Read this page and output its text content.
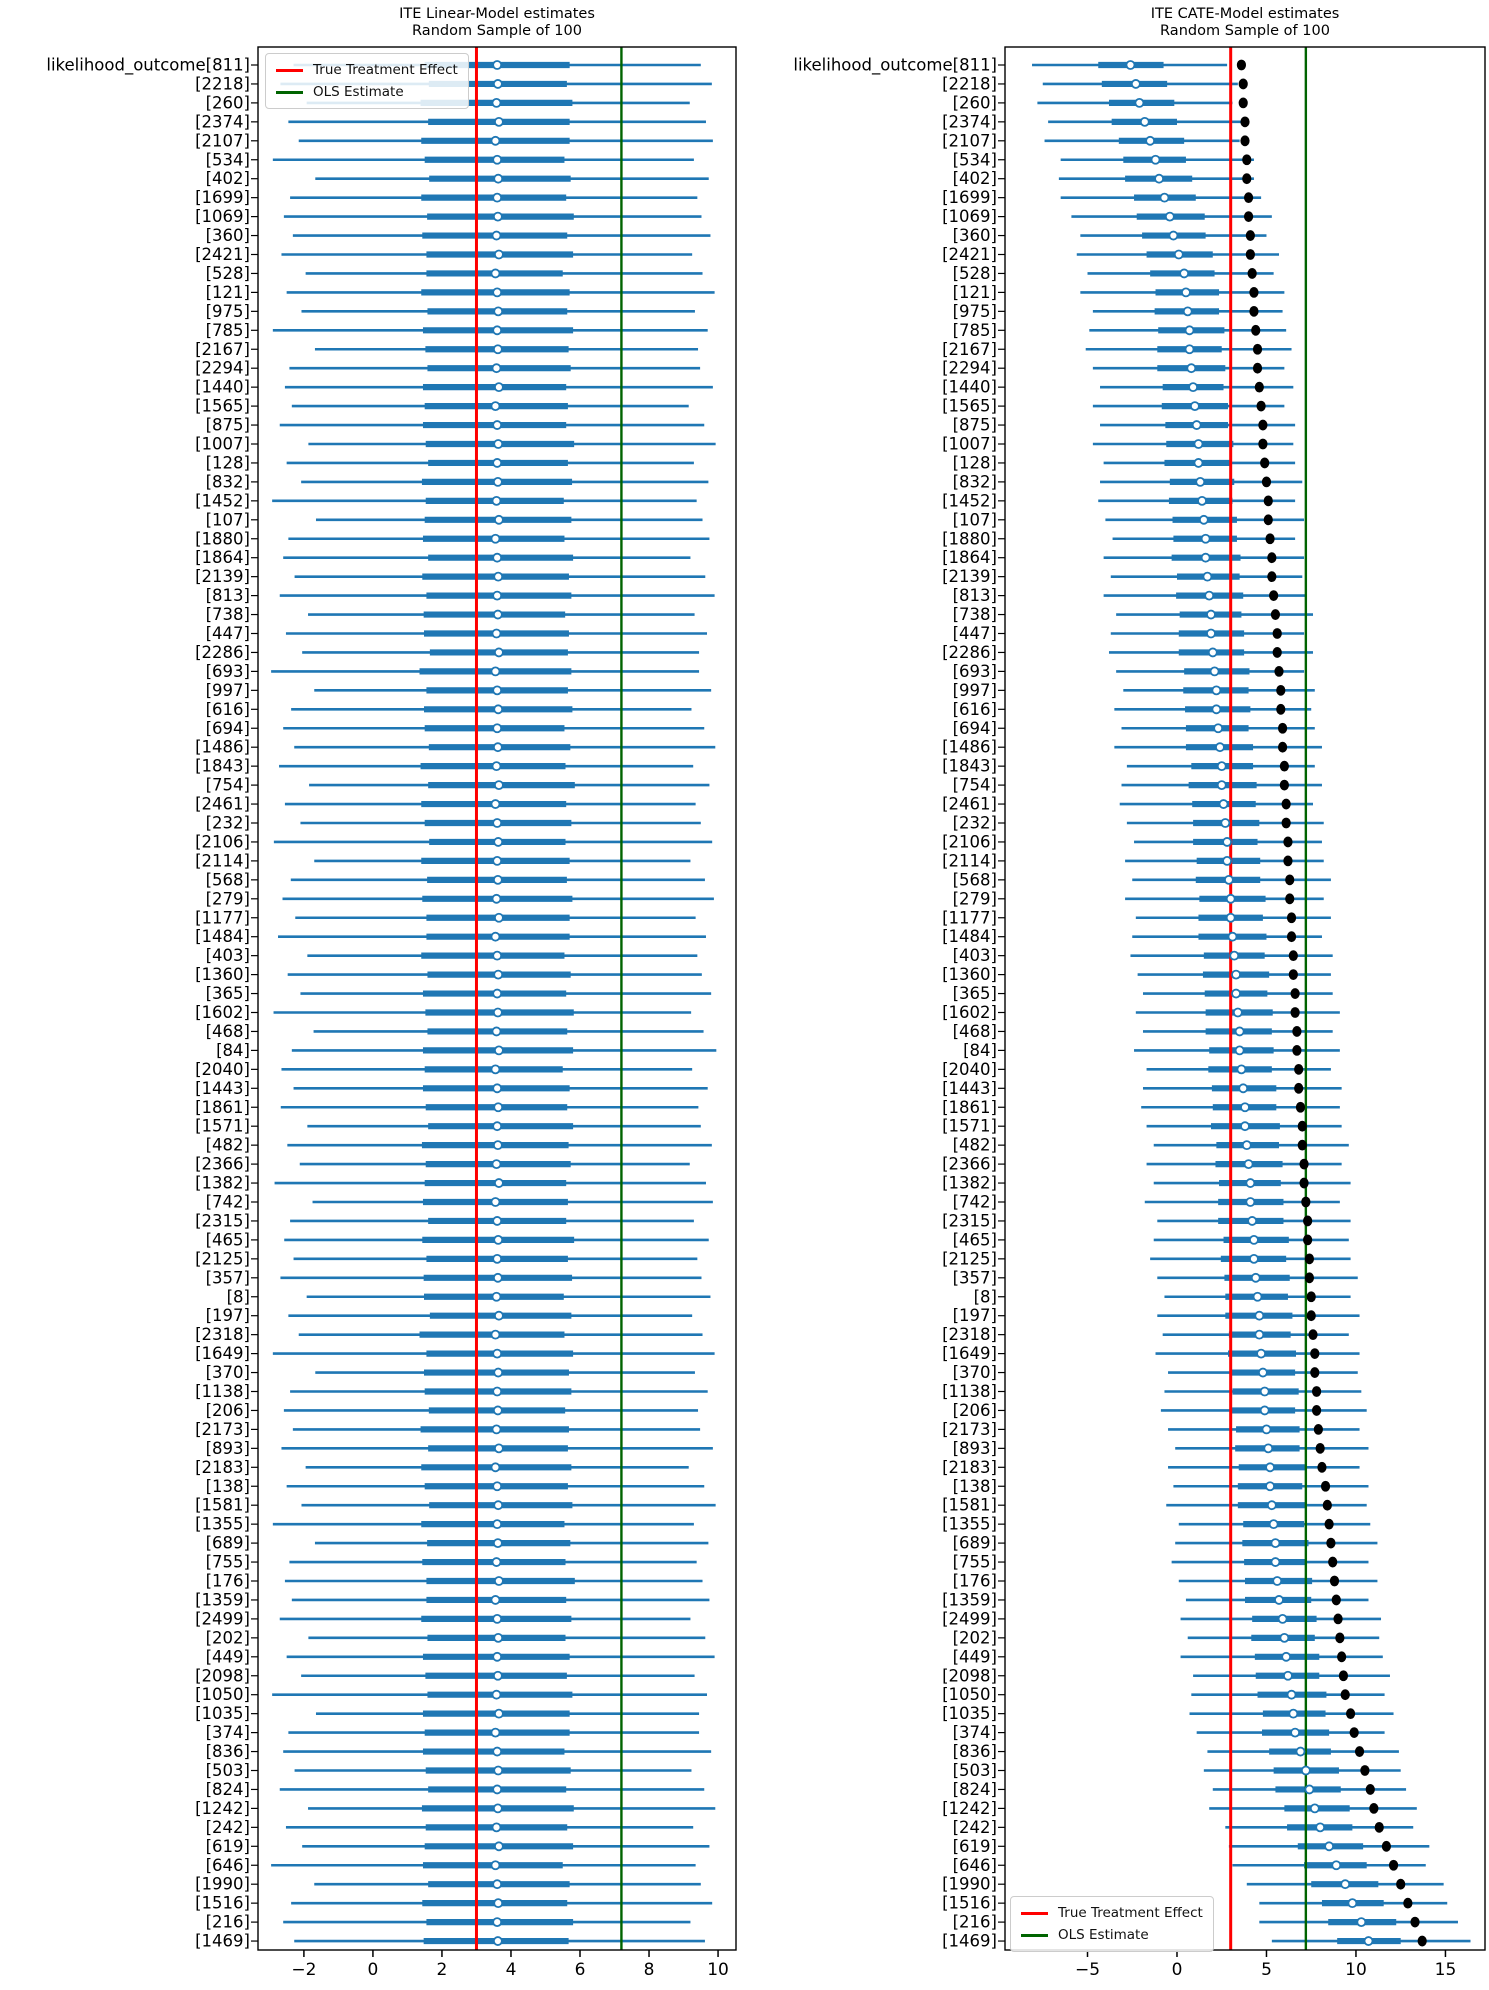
ITE Linear-Model estimates
Random Sample of 100
ITE CATE-Model estimates
Random Sample of 100
likelihood_outcome[811]
[2218]
[260]
[2374]
[2107]
[534]
[402]
[1699]
[1069]
[360]
[2421]
[528]
[121]
[975]
[785]
[2167]
[2294]
[1440]
[1565]
[875]
[1007]
[128]
[832]
[1452]
[107]
[1880]
[1864]
[2139]
[813]
[738]
[447]
[2286]
[693]
[997]
[616]
[694]
[1486]
[1843]
[754]
[2461]
[232]
[2106]
[2114]
[568]
[279]
[1177]
[1484]
[403]
[1360]
[365]
[1602]
[468]
[84]
[2040]
[1443]
[1861]
[1571]
[482]
[2366]
[1382]
[742]
[2315]
[465]
[2125]
[357]
[8]
[197]
[2318]
[1649]
[370]
[1138]
[206]
[2173]
[893]
[2183]
[138]
[1581]
[1355]
[689]
[755]
[176]
[1359]
[2499]
[202]
[449]
[2098]
[1050]
[1035]
[374]
[836]
[503]
[824]
[1242]
[242]
[619]
[646]
[1990]
[1516]
[216]
[1469]
−2	0	2	4	6	8	10
likelihood_outcome[811]
[2218]
[260]
[2374]
[2107]
[534]
[402]
[1699]
[1069]
[360]
[2421]
[528]
[121]
[975]
[785]
[2167]
[2294]
[1440]
[1565]
[875]
[1007]
[128]
[832]
[1452]
[107]
[1880]
[1864]
[2139]
[813]
[738]
[447]
[2286]
[693]
[997]
[616]
[694]
[1486]
[1843]
[754]
[2461]
[232]
[2106]
[2114]
[568]
[279]
[1177]
[1484]
[403]
[1360]
[365]
[1602]
[468]
[84]
[2040]
[1443]
[1861]
[1571]
[482]
[2366]
[1382]
[742]
[2315]
[465]
[2125]
[357]
[8]
[197]
[2318]
[1649]
[370]
[1138]
[206]
[2173]
[893]
[2183]
[138]
[1581]
[1355]
[689]
[755]
[176]
[1359]
[2499]
[202]
[449]
[2098]
[1050]
[1035]
[374]
[836]
[503]
[824]
[1242]
[242]
[619]
[646]
[1990]
[1516]
[216]
[1469]
−5	0	5	10	15
True Treatment Effect
OLS Estimate
True Treatment Effect
OLS Estimate
